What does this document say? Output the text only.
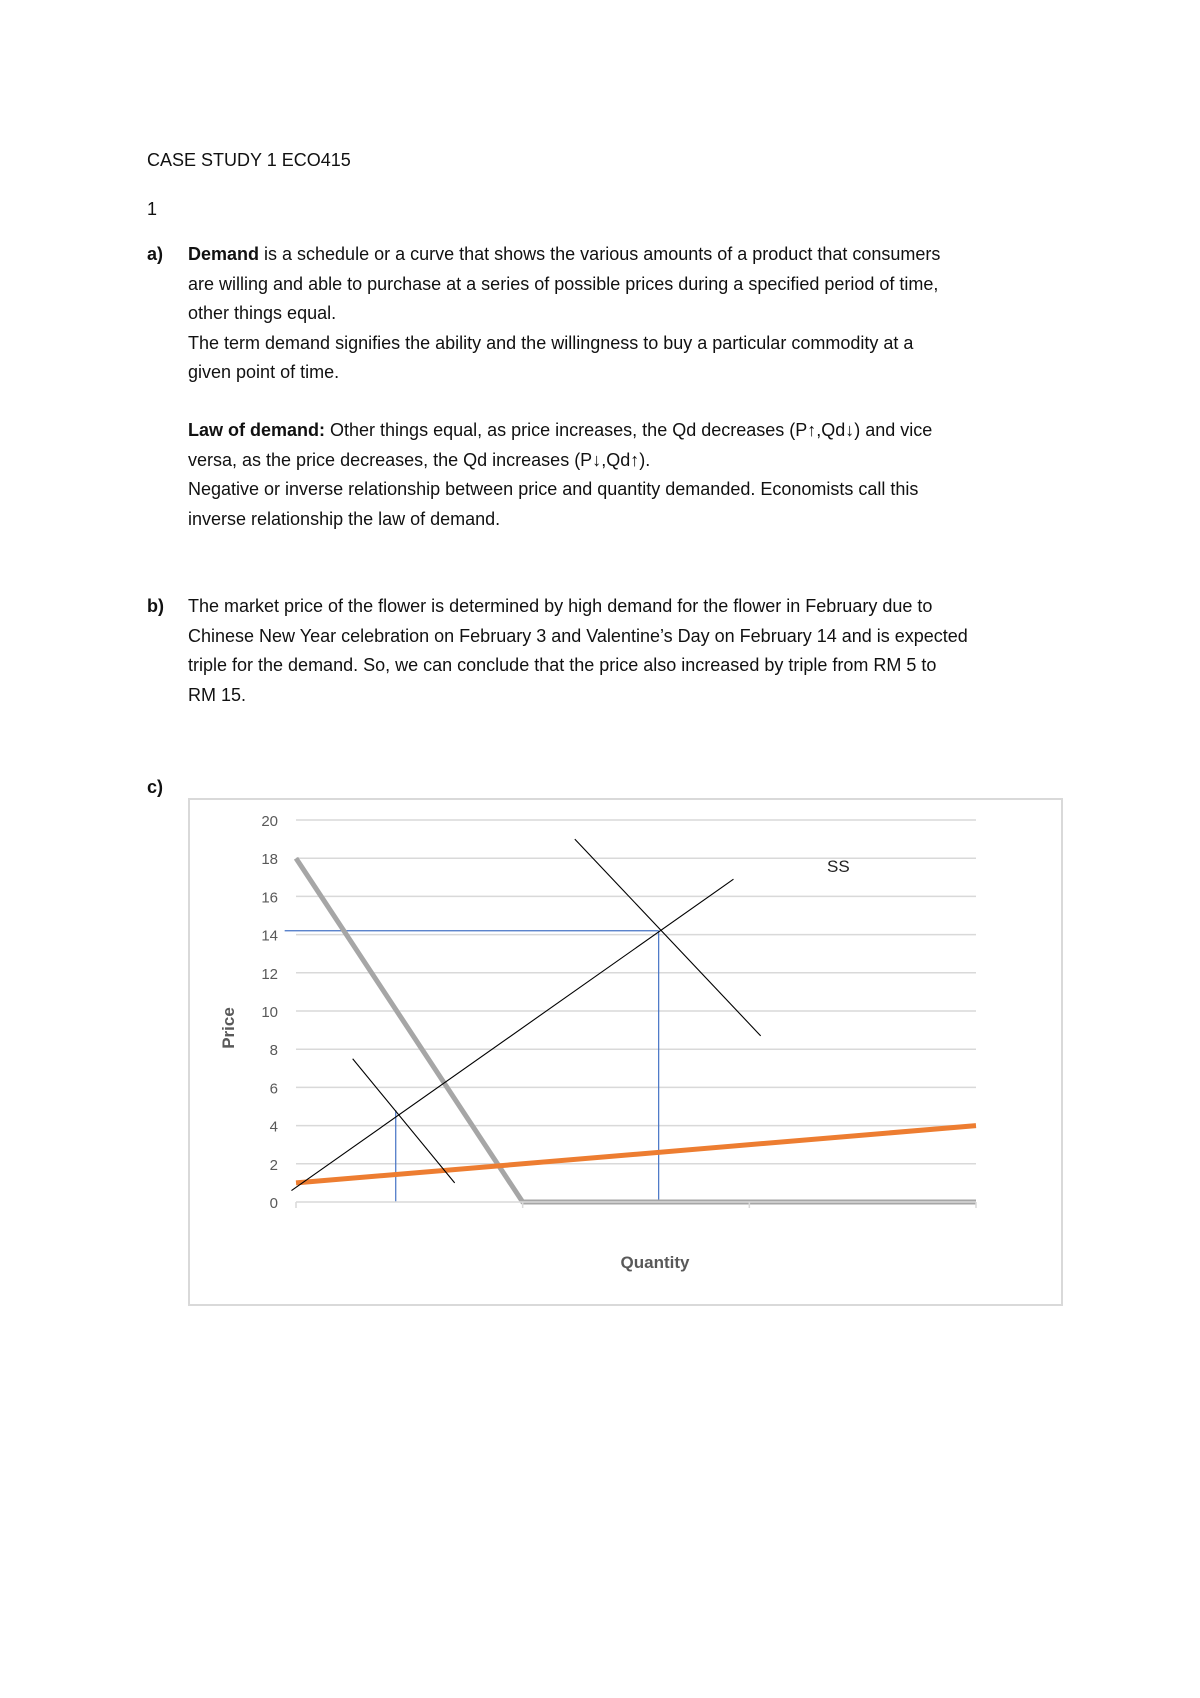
CASE STUDY 1 ECO415
1
a) Demand is a schedule or a curve that shows the various amounts of a product that consumers
are willing and able to purchase at a series of possible prices during a specified period of time,
other things equal.
The term demand signifies the ability and the willingness to buy a particular commodity at a
given point of time.
Law of demand: Other things equal, as price increases, the Qd decreases (P↑,Qd↓) and vice
versa, as the price decreases, the Qd increases (P↓,Qd↑).
Negative or inverse relationship between price and quantity demanded. Economists call this
inverse relationship the law of demand.
b) The market price of the flower is determined by high demand for the flower in February due to
Chinese New Year celebration on February 3 and Valentine’s Day on February 14 and is expected
triple for the demand. So, we can conclude that the price also increased by triple from RM 5 to
RM 15.
c)
0
2
4
6
8
10
12
14
16
18
20
Price
Quantity
SS
